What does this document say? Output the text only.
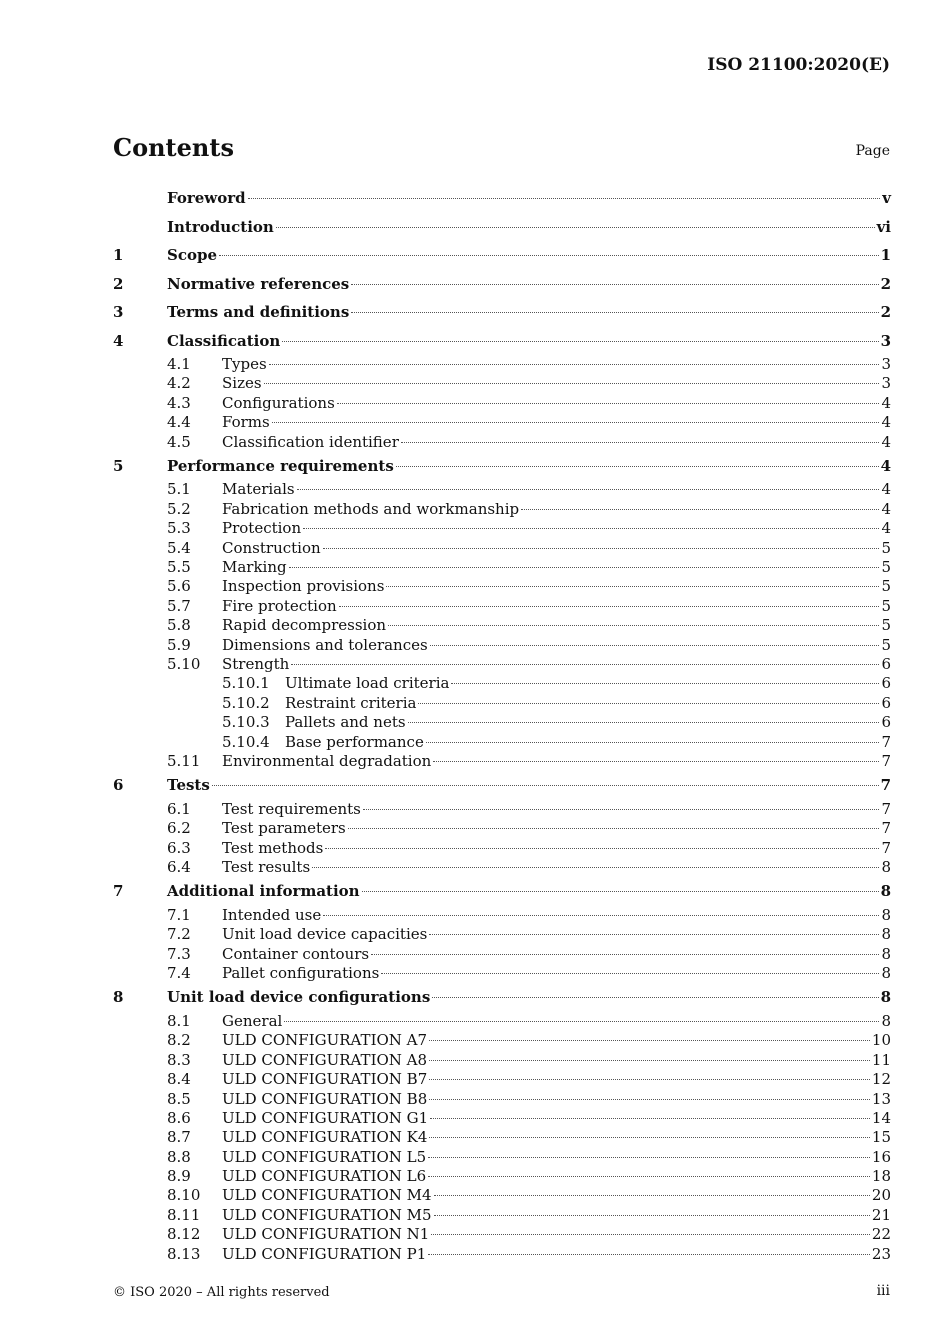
ISO 21100:2020(E)
Contents	Page
Foreword	v
Introduction	vi
1	Scope	1
2	Normative references	2
3	Terms and definitions	2
4	Classification	3
4.1	Types	3
4.2	Sizes	3
4.3	Configurations	4
4.4	Forms	4
4.5	Classification identifier	4
5	Performance requirements	4
5.1	Materials	4
5.2	Fabrication methods and workmanship	4
5.3	Protection	4
5.4	Construction	5
5.5	Marking	5
5.6	Inspection provisions	5
5.7	Fire protection	5
5.8	Rapid decompression	5
5.9	Dimensions and tolerances	5
5.10	Strength	6
5.10.1	Ultimate load criteria	6
5.10.2	Restraint criteria	6
5.10.3	Pallets and nets	6
5.10.4	Base performance	7
5.11	Environmental degradation	7
6	Tests	7
6.1	Test requirements	7
6.2	Test parameters	7
6.3	Test methods	7
6.4	Test results	8
7	Additional information	8
7.1	Intended use	8
7.2	Unit load device capacities	8
7.3	Container contours	8
7.4	Pallet configurations	8
8	Unit load device configurations	8
8.1	General	8
8.2	ULD CONFIGURATION A7	10
8.3	ULD CONFIGURATION A8	11
8.4	ULD CONFIGURATION B7	12
8.5	ULD CONFIGURATION B8	13
8.6	ULD CONFIGURATION G1	14
8.7	ULD CONFIGURATION K4	15
8.8	ULD CONFIGURATION L5	16
8.9	ULD CONFIGURATION L6	18
8.10	ULD CONFIGURATION M4	20
8.11	ULD CONFIGURATION M5	21
8.12	ULD CONFIGURATION N1	22
8.13	ULD CONFIGURATION P1	23
© ISO 2020 – All rights reserved	iii
